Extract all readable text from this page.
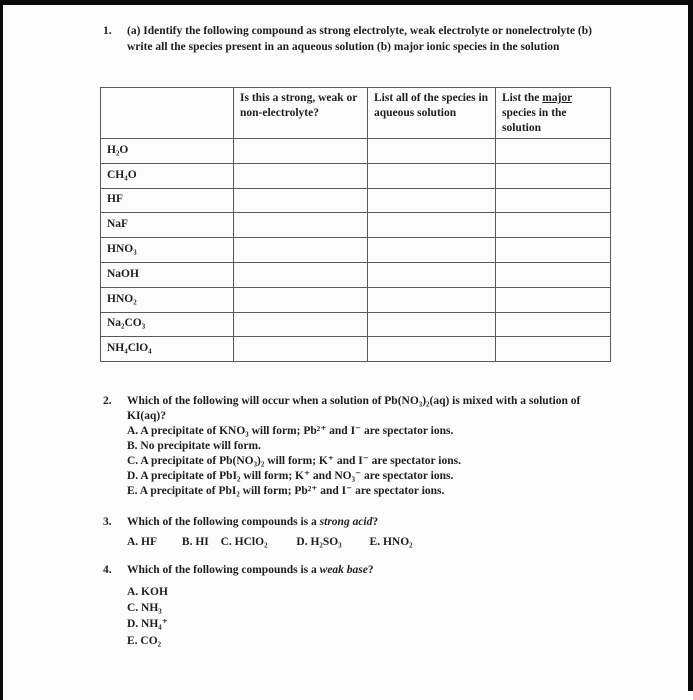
1.	(a) Identify the following compound as strong electrolyte, weak electrolyte or nonelectrolyte (b) write all the species present in an aqueous solution (b) major ionic species in the solution
	Is this a strong, weak or non-electrolyte?	List all of the species in aqueous solution	List the major species in the solution
H₂O			
CH₄O			
HF			
NaF			
HNO₃			
NaOH			
HNO₂			
Na₂CO₃			
NH₄ClO₄			
2.	Which of the following will occur when a solution of Pb(NO₃)₂(aq) is mixed with a solution of KI(aq)?
A. A precipitate of KNO₃ will form; Pb²⁺ and I⁻ are spectator ions.
B. No precipitate will form.
C. A precipitate of Pb(NO₃)₂ will form; K⁺ and I⁻ are spectator ions.
D. A precipitate of PbI₂ will form; K⁺ and NO₃⁻ are spectator ions.
E. A precipitate of PbI₂ will form; Pb²⁺ and I⁻ are spectator ions.
3.	Which of the following compounds is a strong acid?
A. HF B. HI C. HClO₂	D. H₂SO₃ E. HNO₂
4.	Which of the following compounds is a weak base?
A. KOH
C. NH₃
D. NH₄⁺
E. CO₂
